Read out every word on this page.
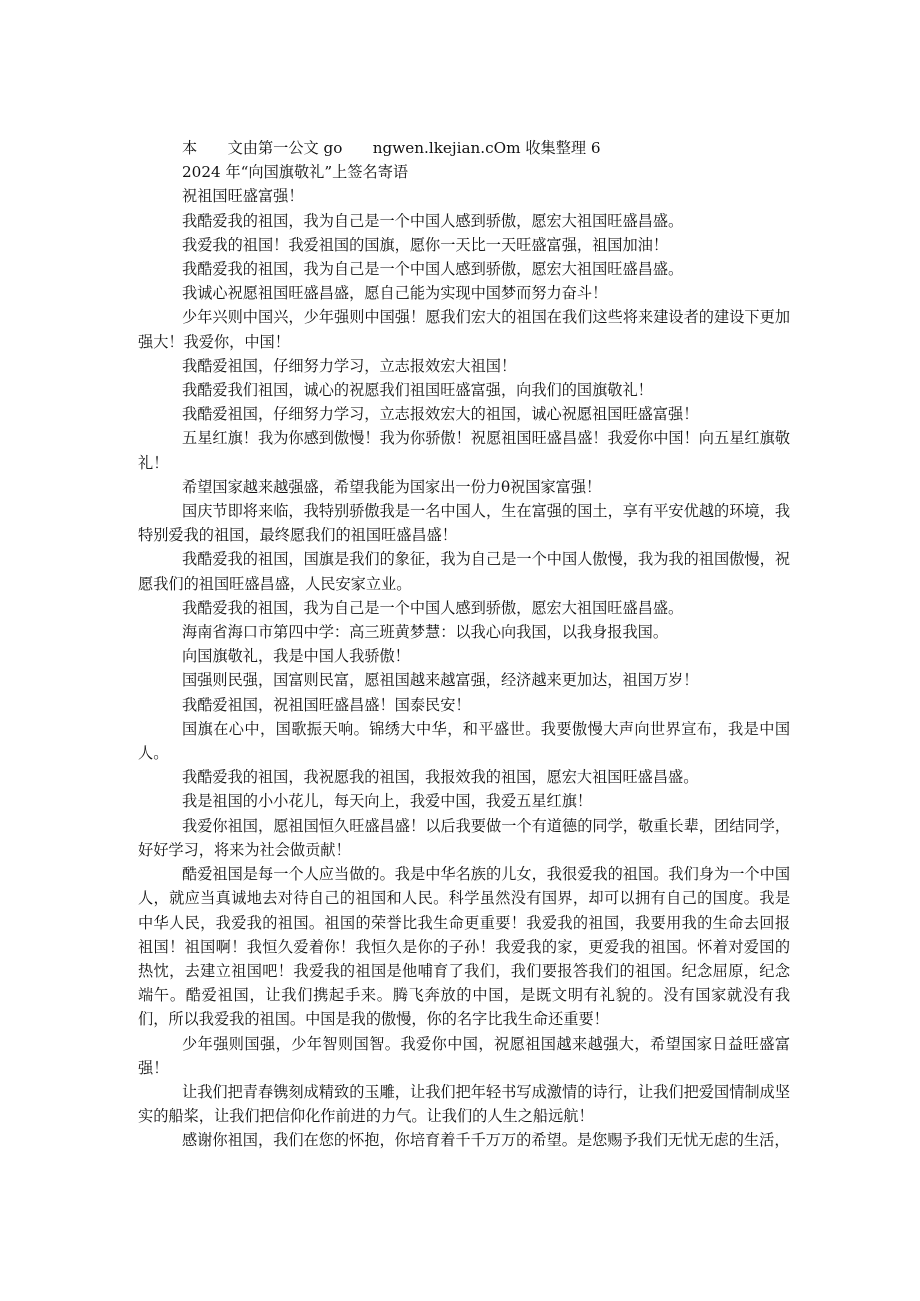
本　　文由第一公文 go　　ngwen.lkejian.cOm 收集整理 6

2024 年“向国旗敬礼”上签名寄语

祝祖国旺盛富强！

我酷爱我的祖国，我为自己是一个中国人感到骄傲，愿宏大祖国旺盛昌盛。

我爱我的祖国！我爱祖国的国旗，愿你一天比一天旺盛富强，祖国加油！

我酷爱我的祖国，我为自己是一个中国人感到骄傲，愿宏大祖国旺盛昌盛。

我诚心祝愿祖国旺盛昌盛，愿自己能为实现中国梦而努力奋斗！

少年兴则中国兴，少年强则中国强！愿我们宏大的祖国在我们这些将来建设者的建设下更加强大！我爱你，中国！

我酷爱祖国，仔细努力学习，立志报效宏大祖国！

我酷爱我们祖国，诚心的祝愿我们祖国旺盛富强，向我们的国旗敬礼！

我酷爱祖国，仔细努力学习，立志报效宏大的祖国，诚心祝愿祖国旺盛富强！

五星红旗！我为你感到傲慢！我为你骄傲！祝愿祖国旺盛昌盛！我爱你中国！向五星红旗敬礼！

希望国家越来越强盛，希望我能为国家出一份力θ祝国家富强！

国庆节即将来临，我特别骄傲我是一名中国人，生在富强的国土，享有平安优越的环境，我特别爱我的祖国，最终愿我们的祖国旺盛昌盛！

我酷爱我的祖国，国旗是我们的象征，我为自己是一个中国人傲慢，我为我的祖国傲慢，祝愿我们的祖国旺盛昌盛，人民安家立业。

我酷爱我的祖国，我为自己是一个中国人感到骄傲，愿宏大祖国旺盛昌盛。

海南省海口市第四中学：高三班黄梦慧：以我心向我国，以我身报我国。

向国旗敬礼，我是中国人我骄傲！

国强则民强，国富则民富，愿祖国越来越富强，经济越来更加达，祖国万岁！

我酷爱祖国，祝祖国旺盛昌盛！国泰民安！

国旗在心中，国歌振天响。锦绣大中华，和平盛世。我要傲慢大声向世界宣布，我是中国人。

我酷爱我的祖国，我祝愿我的祖国，我报效我的祖国，愿宏大祖国旺盛昌盛。

我是祖国的小小花儿，每天向上，我爱中国，我爱五星红旗！

我爱你祖国，愿祖国恒久旺盛昌盛！以后我要做一个有道德的同学，敬重长辈，团结同学，好好学习，将来为社会做贡献！

酷爱祖国是每一个人应当做的。我是中华名族的儿女，我很爱我的祖国。我们身为一个中国人，就应当真诚地去对待自己的祖国和人民。科学虽然没有国界，却可以拥有自己的国度。我是中华人民，我爱我的祖国。祖国的荣誉比我生命更重要！我爱我的祖国，我要用我的生命去回报祖国！祖国啊！我恒久爱着你！我恒久是你的子孙！我爱我的家，更爱我的祖国。怀着对爱国的热忱，去建立祖国吧！我爱我的祖国是他哺育了我们，我们要报答我们的祖国。纪念屈原，纪念端午。酷爱祖国，让我们携起手来。腾飞奔放的中国，是既文明有礼貌的。没有国家就没有我们，所以我爱我的祖国。中国是我的傲慢，你的名字比我生命还重要！

少年强则国强，少年智则国智。我爱你中国，祝愿祖国越来越强大，希望国家日益旺盛富强！

让我们把青春镌刻成精致的玉雕，让我们把年轻书写成激情的诗行，让我们把爱国情制成坚实的船桨，让我们把信仰化作前进的力气。让我们的人生之船远航！

感谢你祖国，我们在您的怀抱，你培育着千千万万的希望。是您赐予我们无忧无虑的生活，
